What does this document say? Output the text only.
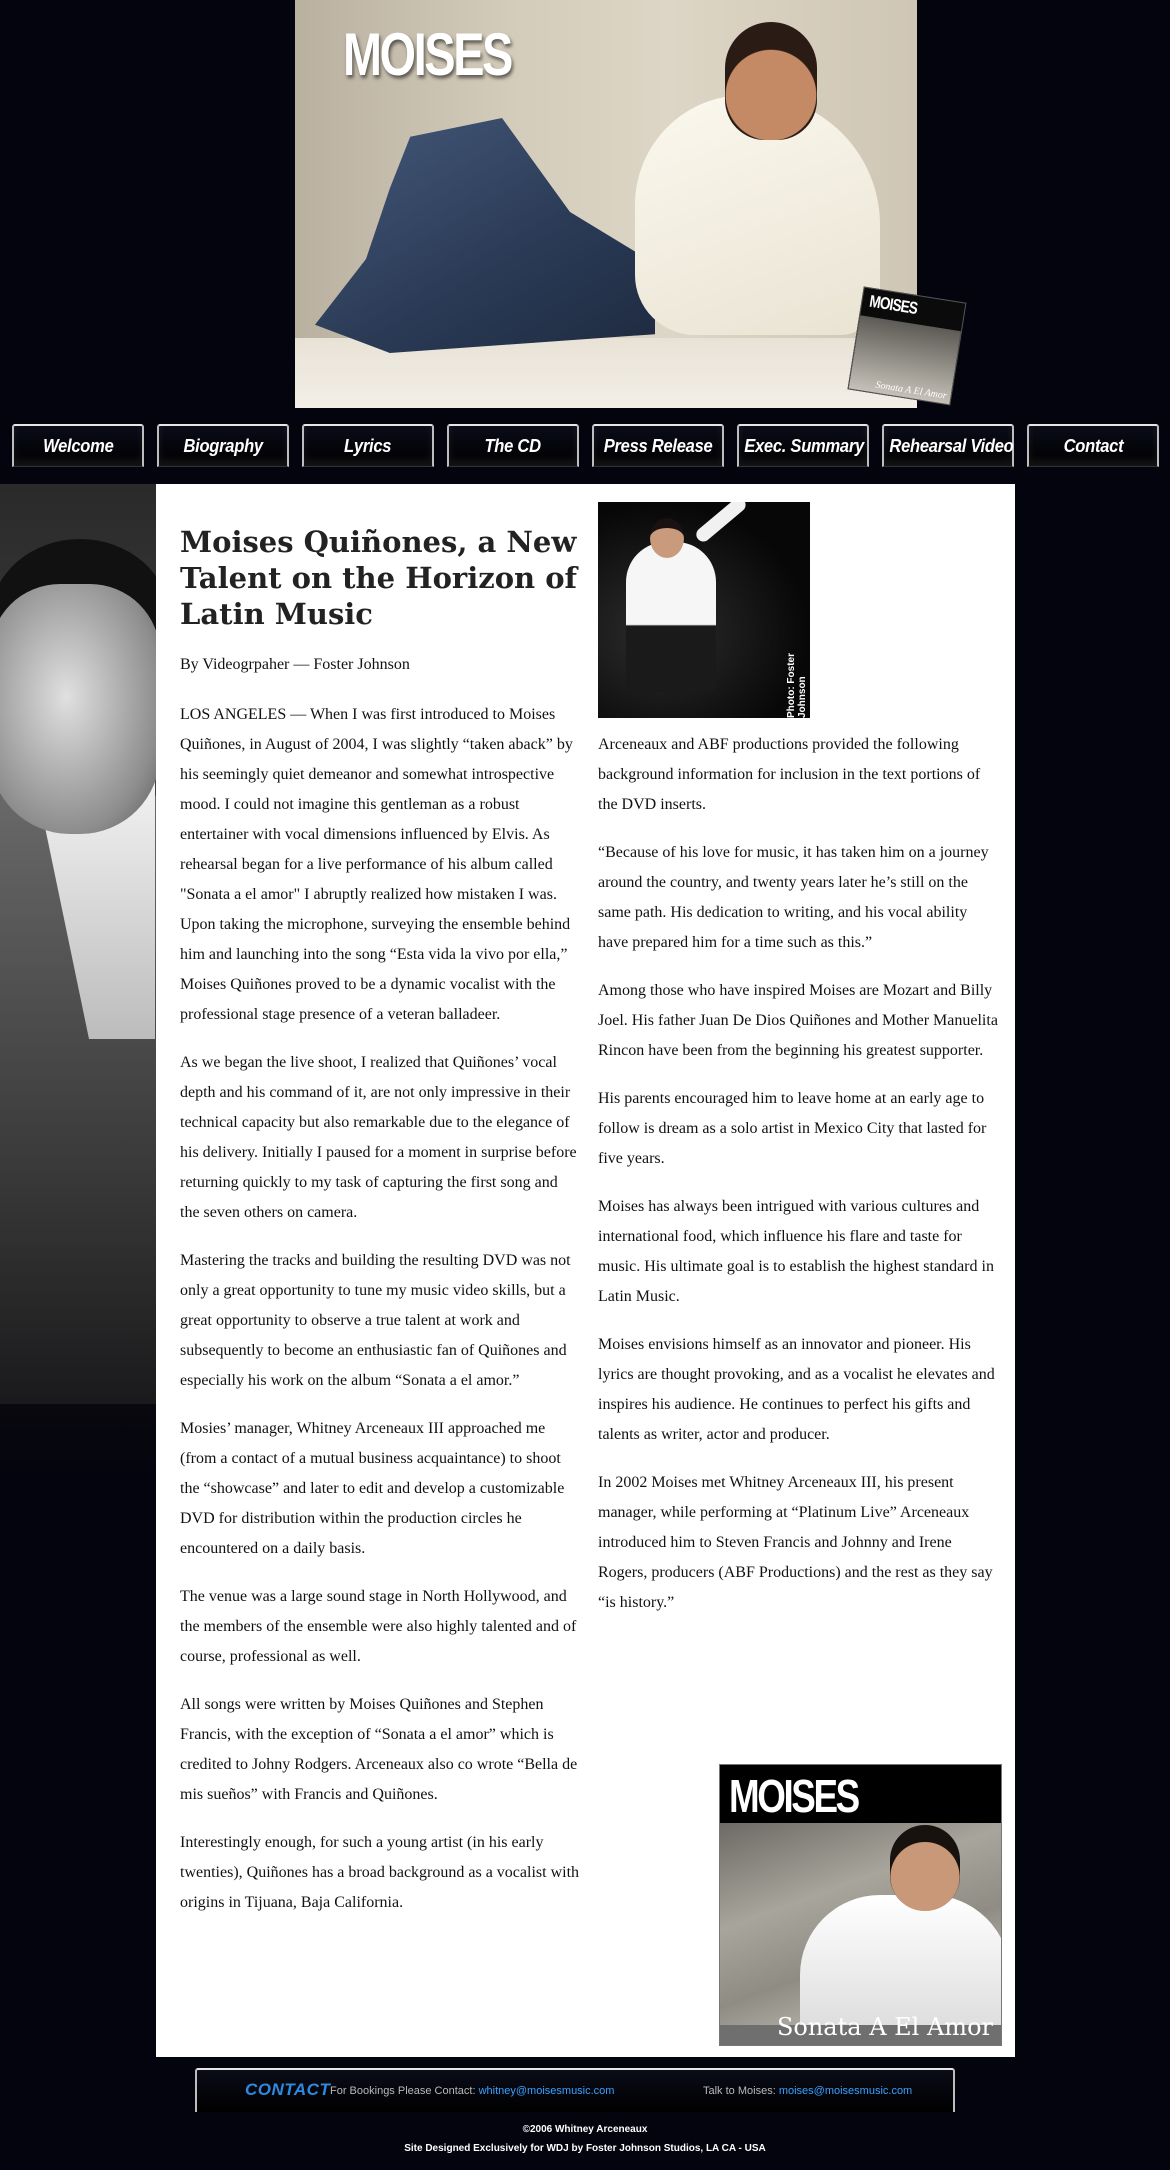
MOISES
MOISES
Sonata A El Amor
Welcome	Biography	Lyrics	The CD	Press Release	Exec. Summary	Rehearsal Video	Contact
Moises Quiñones, a New Talent on the Horizon of Latin Music
By Videogrpaher — Foster Johnson

LOS ANGELES — When I was first introduced to Moises Quiñones, in August of 2004, I was slightly “taken aback” by his seemingly quiet demeanor and somewhat introspective mood. I could not imagine this gentleman as a robust entertainer with vocal dimensions influenced by Elvis. As rehearsal began for a live performance of his album called "Sonata a el amor" I abruptly realized how mistaken I was. Upon taking the microphone, surveying the ensemble behind him and launching into the song “Esta vida la vivo por ella,” Moises Quiñones proved to be a dynamic vocalist with the professional stage presence of a veteran balladeer.

As we began the live shoot, I realized that Quiñones’ vocal depth and his command of it, are not only impressive in their technical capacity but also remarkable due to the elegance of his delivery. Initially I paused for a moment in surprise before returning quickly to my task of capturing the first song and the seven others on camera.

Mastering the tracks and building the resulting DVD was not only a great opportunity to tune my music video skills, but a great opportunity to observe a true talent at work and subsequently to become an enthusiastic fan of Quiñones and especially his work on the album “Sonata a el amor.”

Mosies’ manager, Whitney Arceneaux III approached me (from a contact of a mutual business acquaintance) to shoot the “showcase” and later to edit and develop a customizable DVD for distribution within the production circles he encountered on a daily basis.

The venue was a large sound stage in North Hollywood, and the members of the ensemble were also highly talented and of course, professional as well.

All songs were written by Moises Quiñones and Stephen Francis, with the exception of “Sonata a el amor” which is credited to Johny Rodgers. Arceneaux also co wrote “Bella de mis sueños” with Francis and Quiñones.

Interestingly enough, for such a young artist (in his early twenties), Quiñones has a broad background as a vocalist with origins in Tijuana, Baja California.

Photo: Foster Johnson

Arceneaux and ABF productions provided the following background information for inclusion in the text portions of the DVD inserts.

“Because of his love for music, it has taken him on a journey around the country, and twenty years later he’s still on the same path. His dedication to writing, and his vocal ability have prepared him for a time such as this.”

Among those who have inspired Moises are Mozart and Billy Joel. His father Juan De Dios Quiñones and Mother Manuelita Rincon have been from the beginning his greatest supporter.

His parents encouraged him to leave home at an early age to follow is dream as a solo artist in Mexico City that lasted for five years.

Moises has always been intrigued with various cultures and international food, which influence his flare and taste for music. His ultimate goal is to establish the highest standard in Latin Music.

Moises envisions himself as an innovator and pioneer. His lyrics are thought provoking, and as a vocalist he elevates and inspires his audience. He continues to perfect his gifts and talents as writer, actor and producer.

In 2002 Moises met Whitney Arceneaux III, his present manager, while performing at “Platinum Live” Arceneaux introduced him to Steven Francis and Johnny and Irene Rogers, producers (ABF Productions) and the rest as they say “is history.”

MOISES
Sonata A El Amor
CONTACT For Bookings Please Contact: whitney@moisesmusic.com	Talk to Moises: moises@moisesmusic.com
©2006 Whitney Arceneaux
Site Designed Exclusively for WDJ by Foster Johnson Studios, LA CA - USA
